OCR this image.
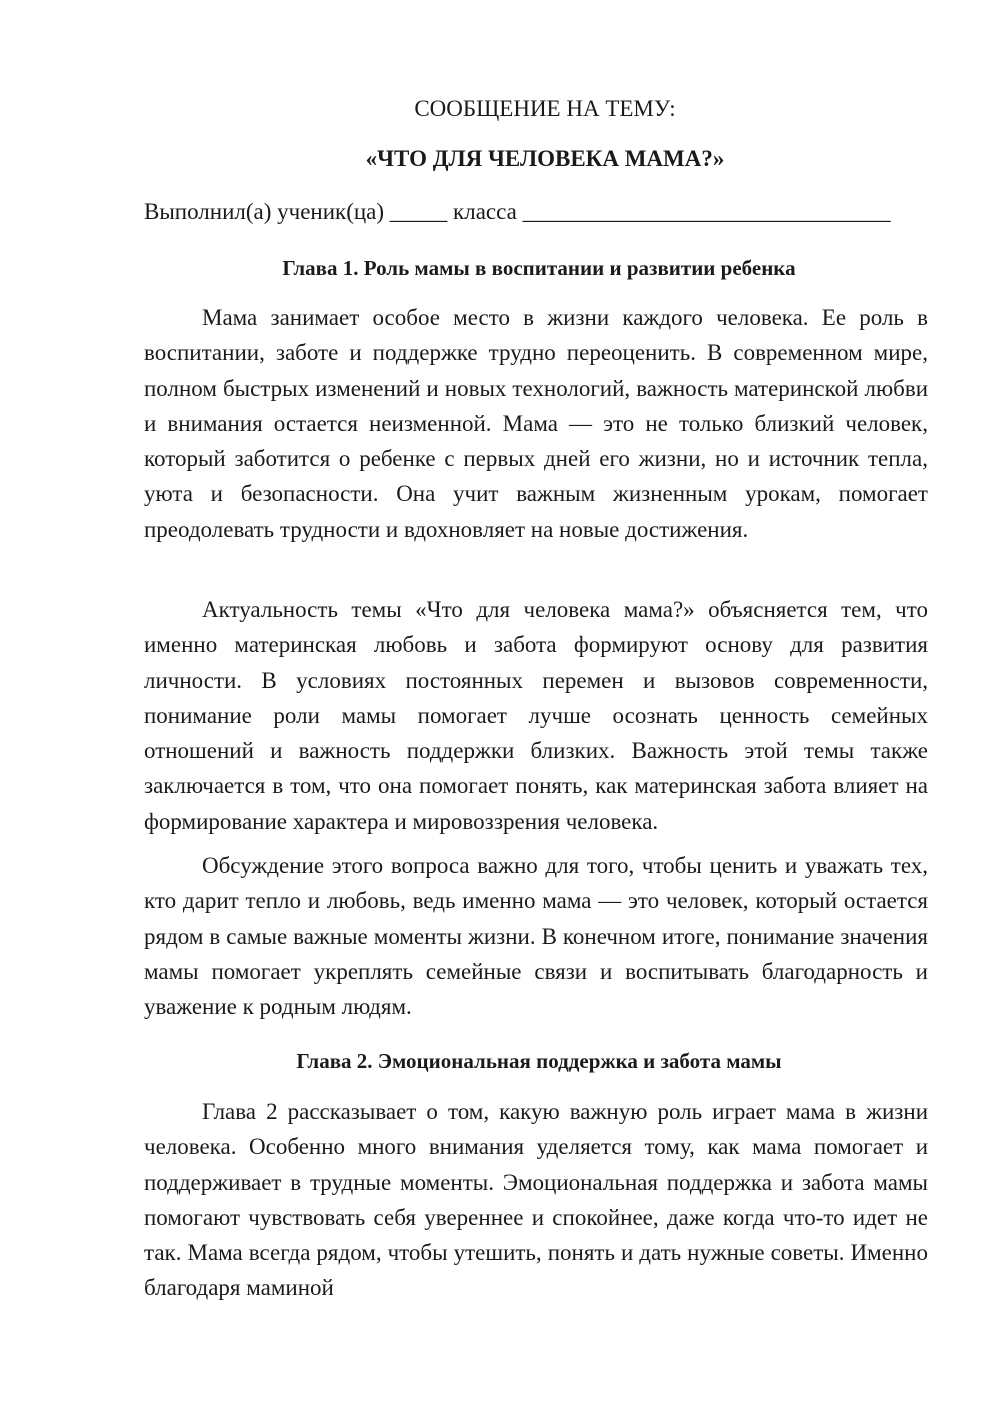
СООБЩЕНИЕ НА ТЕМУ:
«ЧТО ДЛЯ ЧЕЛОВЕКА МАМА?»
Выполнил(а) ученик(ца) _____ класса ________________________________
Глава 1. Роль мамы в воспитании и развитии ребенка

Мама занимает особое место в жизни каждого человека. Ее роль в воспитании, заботе и поддержке трудно переоценить. В современном мире, полном быстрых изменений и новых технологий, важность материнской любви и внимания остается неизменной. Мама — это не только близкий человек, который заботится о ребенке с первых дней его жизни, но и источник тепла, уюта и безопасности. Она учит важным жизненным урокам, помогает преодолевать трудности и вдохновляет на новые достижения.

Актуальность темы «Что для человека мама?» объясняется тем, что именно материнская любовь и забота формируют основу для развития личности. В условиях постоянных перемен и вызовов современности, понимание роли мамы помогает лучше осознать ценность семейных отношений и важность поддержки близких. Важность этой темы также заключается в том, что она помогает понять, как материнская забота влияет на формирование характера и мировоззрения человека.

Обсуждение этого вопроса важно для того, чтобы ценить и уважать тех, кто дарит тепло и любовь, ведь именно мама — это человек, который остается рядом в самые важные моменты жизни. В конечном итоге, понимание значения мамы помогает укреплять семейные связи и воспитывать благодарность и уважение к родным людям.

Глава 2. Эмоциональная поддержка и забота мамы

Глава 2 рассказывает о том, какую важную роль играет мама в жизни человека. Особенно много внимания уделяется тому, как мама помогает и поддерживает в трудные моменты. Эмоциональная поддержка и забота мамы помогают чувствовать себя увереннее и спокойнее, даже когда что-то идет не так. Мама всегда рядом, чтобы утешить, понять и дать нужные советы. Именно благодаря маминой
